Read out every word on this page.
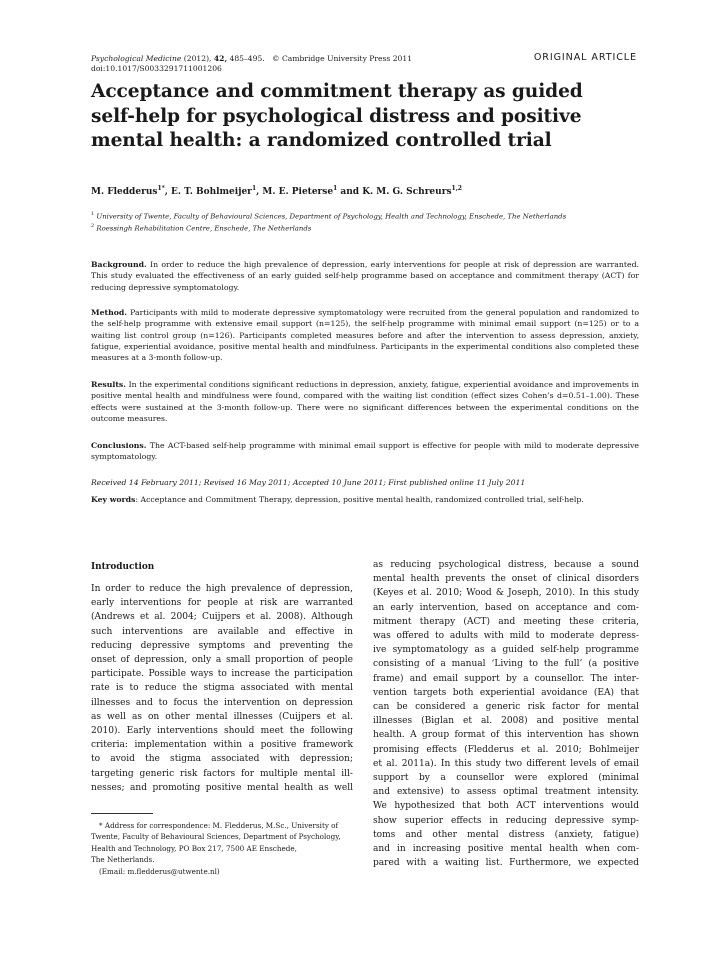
Psychological Medicine (2012), 42, 485–495. © Cambridge University Press 2011
doi:10.1017/S0033291711001206
ORIGINAL ARTICLE
Acceptance and commitment therapy as guided
self-help for psychological distress and positive
mental health: a randomized controlled trial
M. Fledderus$^{1*}$, E. T. Bohlmeijer$^1$, M. E. Pieterse$^1$ and K. M. G. Schreurs$^{1,2}$
$^1$ University of Twente, Faculty of Behavioural Sciences, Department of Psychology, Health and Technology, Enschede, The Netherlands
$^2$ Roessingh Rehabilitation Centre, Enschede, The Netherlands
Background. In order to reduce the high prevalence of depression, early interventions for people at risk of depression are warranted. This study evaluated the effectiveness of an early guided self-help programme based on acceptance and commitment therapy (ACT) for reducing depressive symptomatology.
Method. Participants with mild to moderate depressive symptomatology were recruited from the general population and randomized to the self-help programme with extensive email support (n=125), the self-help programme with minimal email support (n=125) or to a waiting list control group (n=126). Participants completed measures before and after the intervention to assess depression, anxiety, fatigue, experiential avoidance, positive mental health and mindfulness. Participants in the experimental conditions also completed these measures at a 3-month follow-up.
Results. In the experimental conditions significant reductions in depression, anxiety, fatigue, experiential avoidance and improvements in positive mental health and mindfulness were found, compared with the waiting list condition (effect sizes Cohen’s d=0.51–1.00). These effects were sustained at the 3-month follow-up. There were no significant differences between the experimental conditions on the outcome measures.
Conclusions. The ACT-based self-help programme with minimal email support is effective for people with mild to moderate depressive symptomatology.
Received 14 February 2011; Revised 16 May 2011; Accepted 10 June 2011; First published online 11 July 2011
Key words: Acceptance and Commitment Therapy, depression, positive mental health, randomized controlled trial, self-help.
Introduction
In order to reduce the high prevalence of depression,
early interventions for people at risk are warranted
(Andrews et al. 2004; Cuijpers et al. 2008). Although
such interventions are available and effective in
reducing depressive symptoms and preventing the
onset of depression, only a small proportion of people
participate. Possible ways to increase the participation
rate is to reduce the stigma associated with mental
illnesses and to focus the intervention on depression
as well as on other mental illnesses (Cuijpers et al.
2010). Early interventions should meet the following
criteria: implementation within a positive framework
to avoid the stigma associated with depression;
targeting generic risk factors for multiple mental ill-
nesses; and promoting positive mental health as well
as reducing psychological distress, because a sound
mental health prevents the onset of clinical disorders
(Keyes et al. 2010; Wood & Joseph, 2010). In this study
an early intervention, based on acceptance and com-
mitment therapy (ACT) and meeting these criteria,
was offered to adults with mild to moderate depress-
ive symptomatology as a guided self-help programme
consisting of a manual ‘Living to the full’ (a positive
frame) and email support by a counsellor. The inter-
vention targets both experiential avoidance (EA) that
can be considered a generic risk factor for mental
illnesses (Biglan et al. 2008) and positive mental
health. A group format of this intervention has shown
promising effects (Fledderus et al. 2010; Bohlmeijer
et al. 2011a). In this study two different levels of email
support by a counsellor were explored (minimal
and extensive) to assess optimal treatment intensity.
We hypothesized that both ACT interventions would
show superior effects in reducing depressive symp-
toms and other mental distress (anxiety, fatigue)
and in increasing positive mental health when com-
pared with a waiting list. Furthermore, we expected
* Address for correspondence: M. Fledderus, M.Sc., University of
Twente, Faculty of Behavioural Sciences, Department of Psychology,
Health and Technology, PO Box 217, 7500 AE Enschede,
The Netherlands.
(Email: m.fledderus@utwente.nl)
